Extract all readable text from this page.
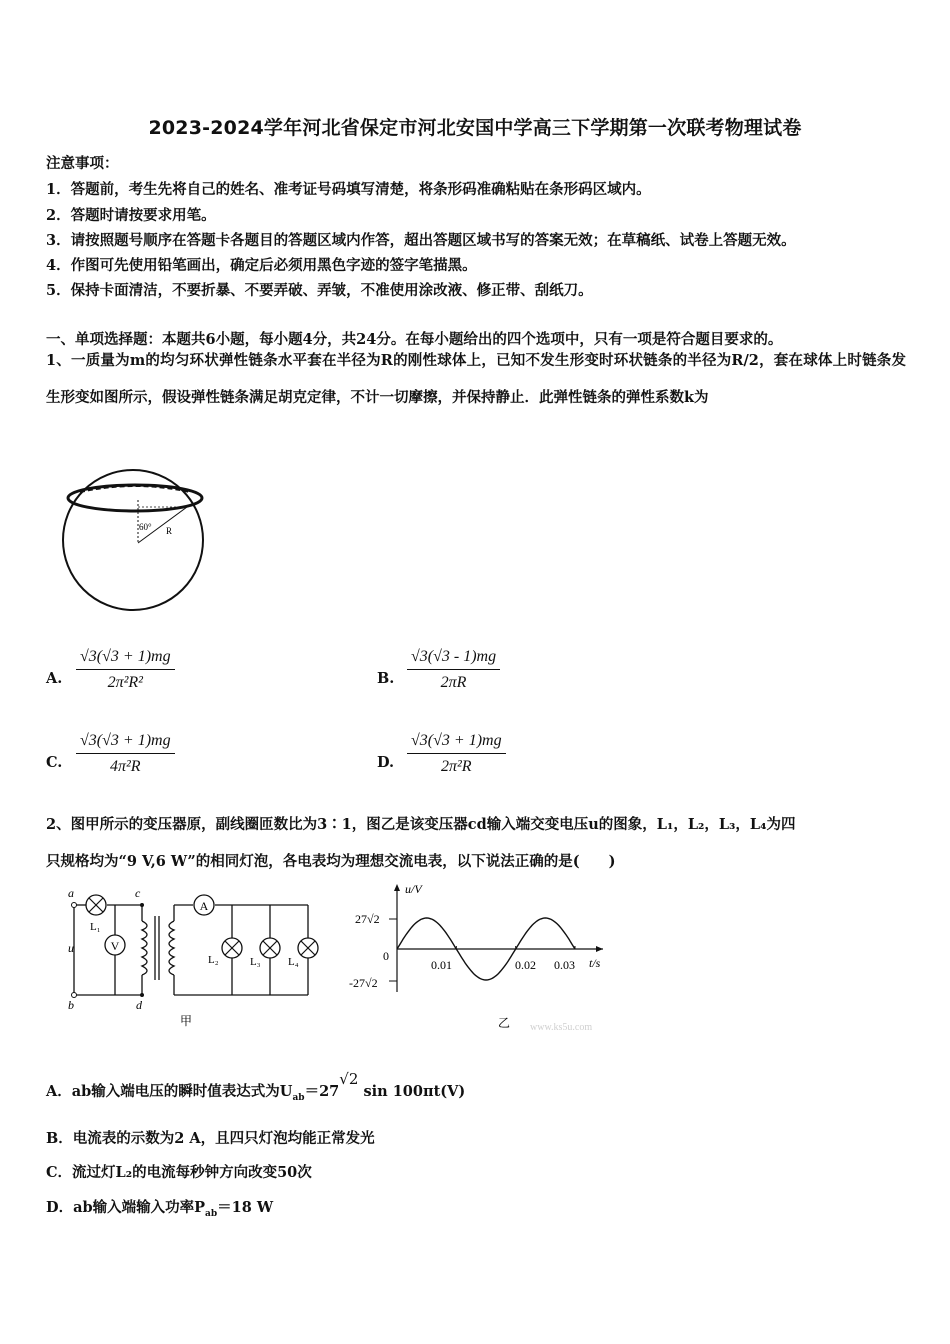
2023-2024学年河北省保定市河北安国中学高三下学期第一次联考物理试卷
注意事项：
1．答题前，考生先将自己的姓名、准考证号码填写清楚，将条形码准确粘贴在条形码区域内。
2．答题时请按要求用笔。
3．请按照题号顺序在答题卡各题目的答题区域内作答，超出答题区域书写的答案无效；在草稿纸、试卷上答题无效。
4．作图可先使用铅笔画出，确定后必须用黑色字迹的签字笔描黑。
5．保持卡面清洁，不要折暴、不要弄破、弄皱，不准使用涂改液、修正带、刮纸刀。
一、单项选择题：本题共6小题，每小题4分，共24分。在每小题给出的四个选项中，只有一项是符合题目要求的。
1、一质量为m的均匀环状弹性链条水平套在半径为R的刚性球体上，已知不发生形变时环状链条的半径为R/2，套在球体上时链条发生形变如图所示，假设弹性链条满足胡克定律，不计一切摩擦，并保持静止．此弹性链条的弹性系数k为
60° R
A. $\frac{√3(√3 + 1)mg}{\text{2π²R²}}$	B. $\frac{√3(√3 - 1)mg}{2\pi R}$
C. $\frac{√3(√3 + 1)mg}{\text{4π²R}}$	D. $\frac{√3(√3 + 1)mg}{\text{2π²R}}$
2、图甲所示的变压器原，副线圈匝数比为3∶1，图乙是该变压器cd输入端交变电压u的图象，L₁，L₂，L₃，L₄为四
只规格均为“9 V,6 W”的相同灯泡，各电表均为理想交流电表，以下说法正确的是(　　)
V
A
a
b
c
d
u
L₁
L₂	L₃ L₄
甲
u/V
t/s
27√2
-27√2
0
0.01	0.02 0.03
乙 www.ks5u.com
A．ab输入端电压的瞬时值表达式为$U_{ab}=27√2$ sin 100πt(V)
B．电流表的示数为2 A，且四只灯泡均能正常发光
C．流过灯L₂的电流每秒钟方向改变50次
D．ab输入端输入功率$P_{ab}=18$ W
